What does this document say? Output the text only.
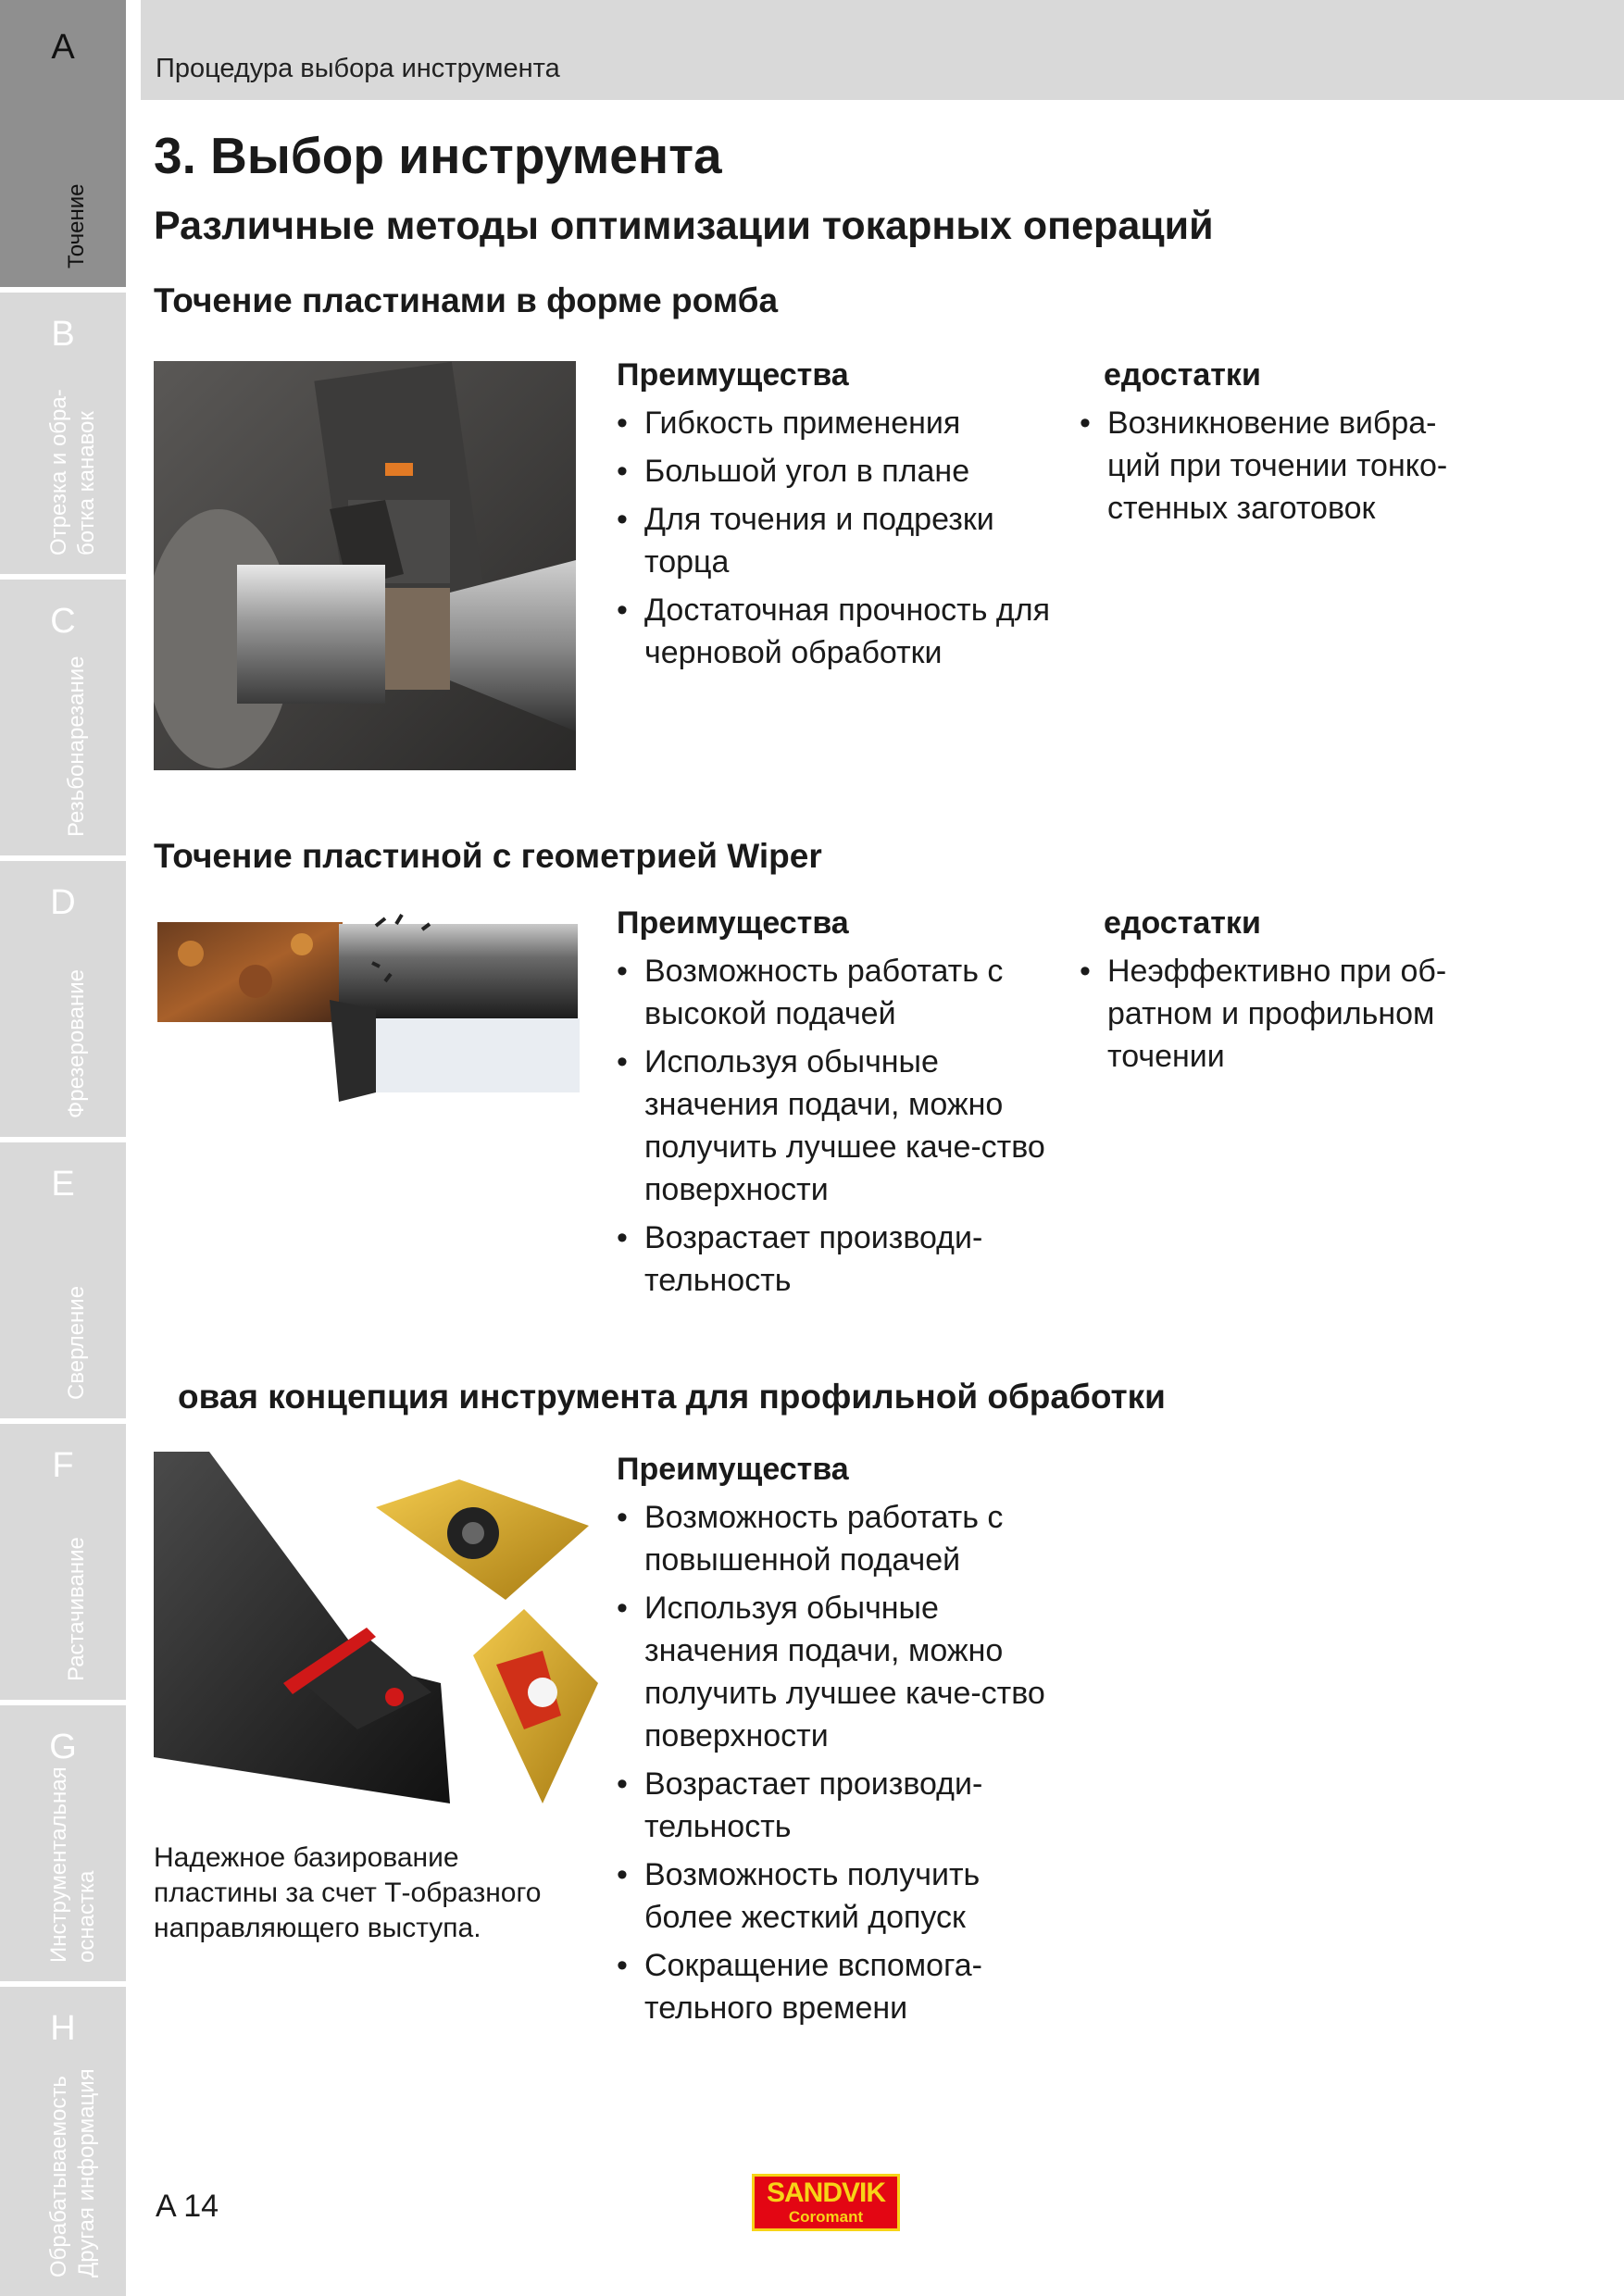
A
Точение
B
Отрезка и обра- ботка канавок
C
Резьбонарезание
D
Фрезерование
E
Сверление
F
Растачивание
G
Инструментальная оснастка
H
Обрабатываемость Другая информация
Процедура выбора инструмента
3. Выбор инструмента
Различные методы оптимизации токарных операций
Точение пластинами в форме ромба
Преимущества
• Гибкость применения
• Большой угол в плане
• Для точения и подрезки торца
• Достаточная прочность для черновой обработки
едостатки
• Возникновение вибра-ций при точении тонко-стенных заготовок
Точение пластиной с геометрией Wiper
Преимущества
• Возможность работать с высокой подачей
• Используя обычные значения подачи, можно получить лучшее каче-ство поверхности
• Возрастает производи-тельность
едостатки
• Неэффективно при об-ратном и профильном точении
овая концепция инструмента для профильной обработки
Надежное базирование пластины за счет Т-образного направляющего выступа.
Преимущества
• Возможность работать с повышенной подачей
• Используя обычные значения подачи, можно получить лучшее каче-ство поверхности
• Возрастает производи-тельность
• Возможность получить более жесткий допуск
• Сокращение вспомога-тельного времени
A 14	SANDVIK
Coromant
